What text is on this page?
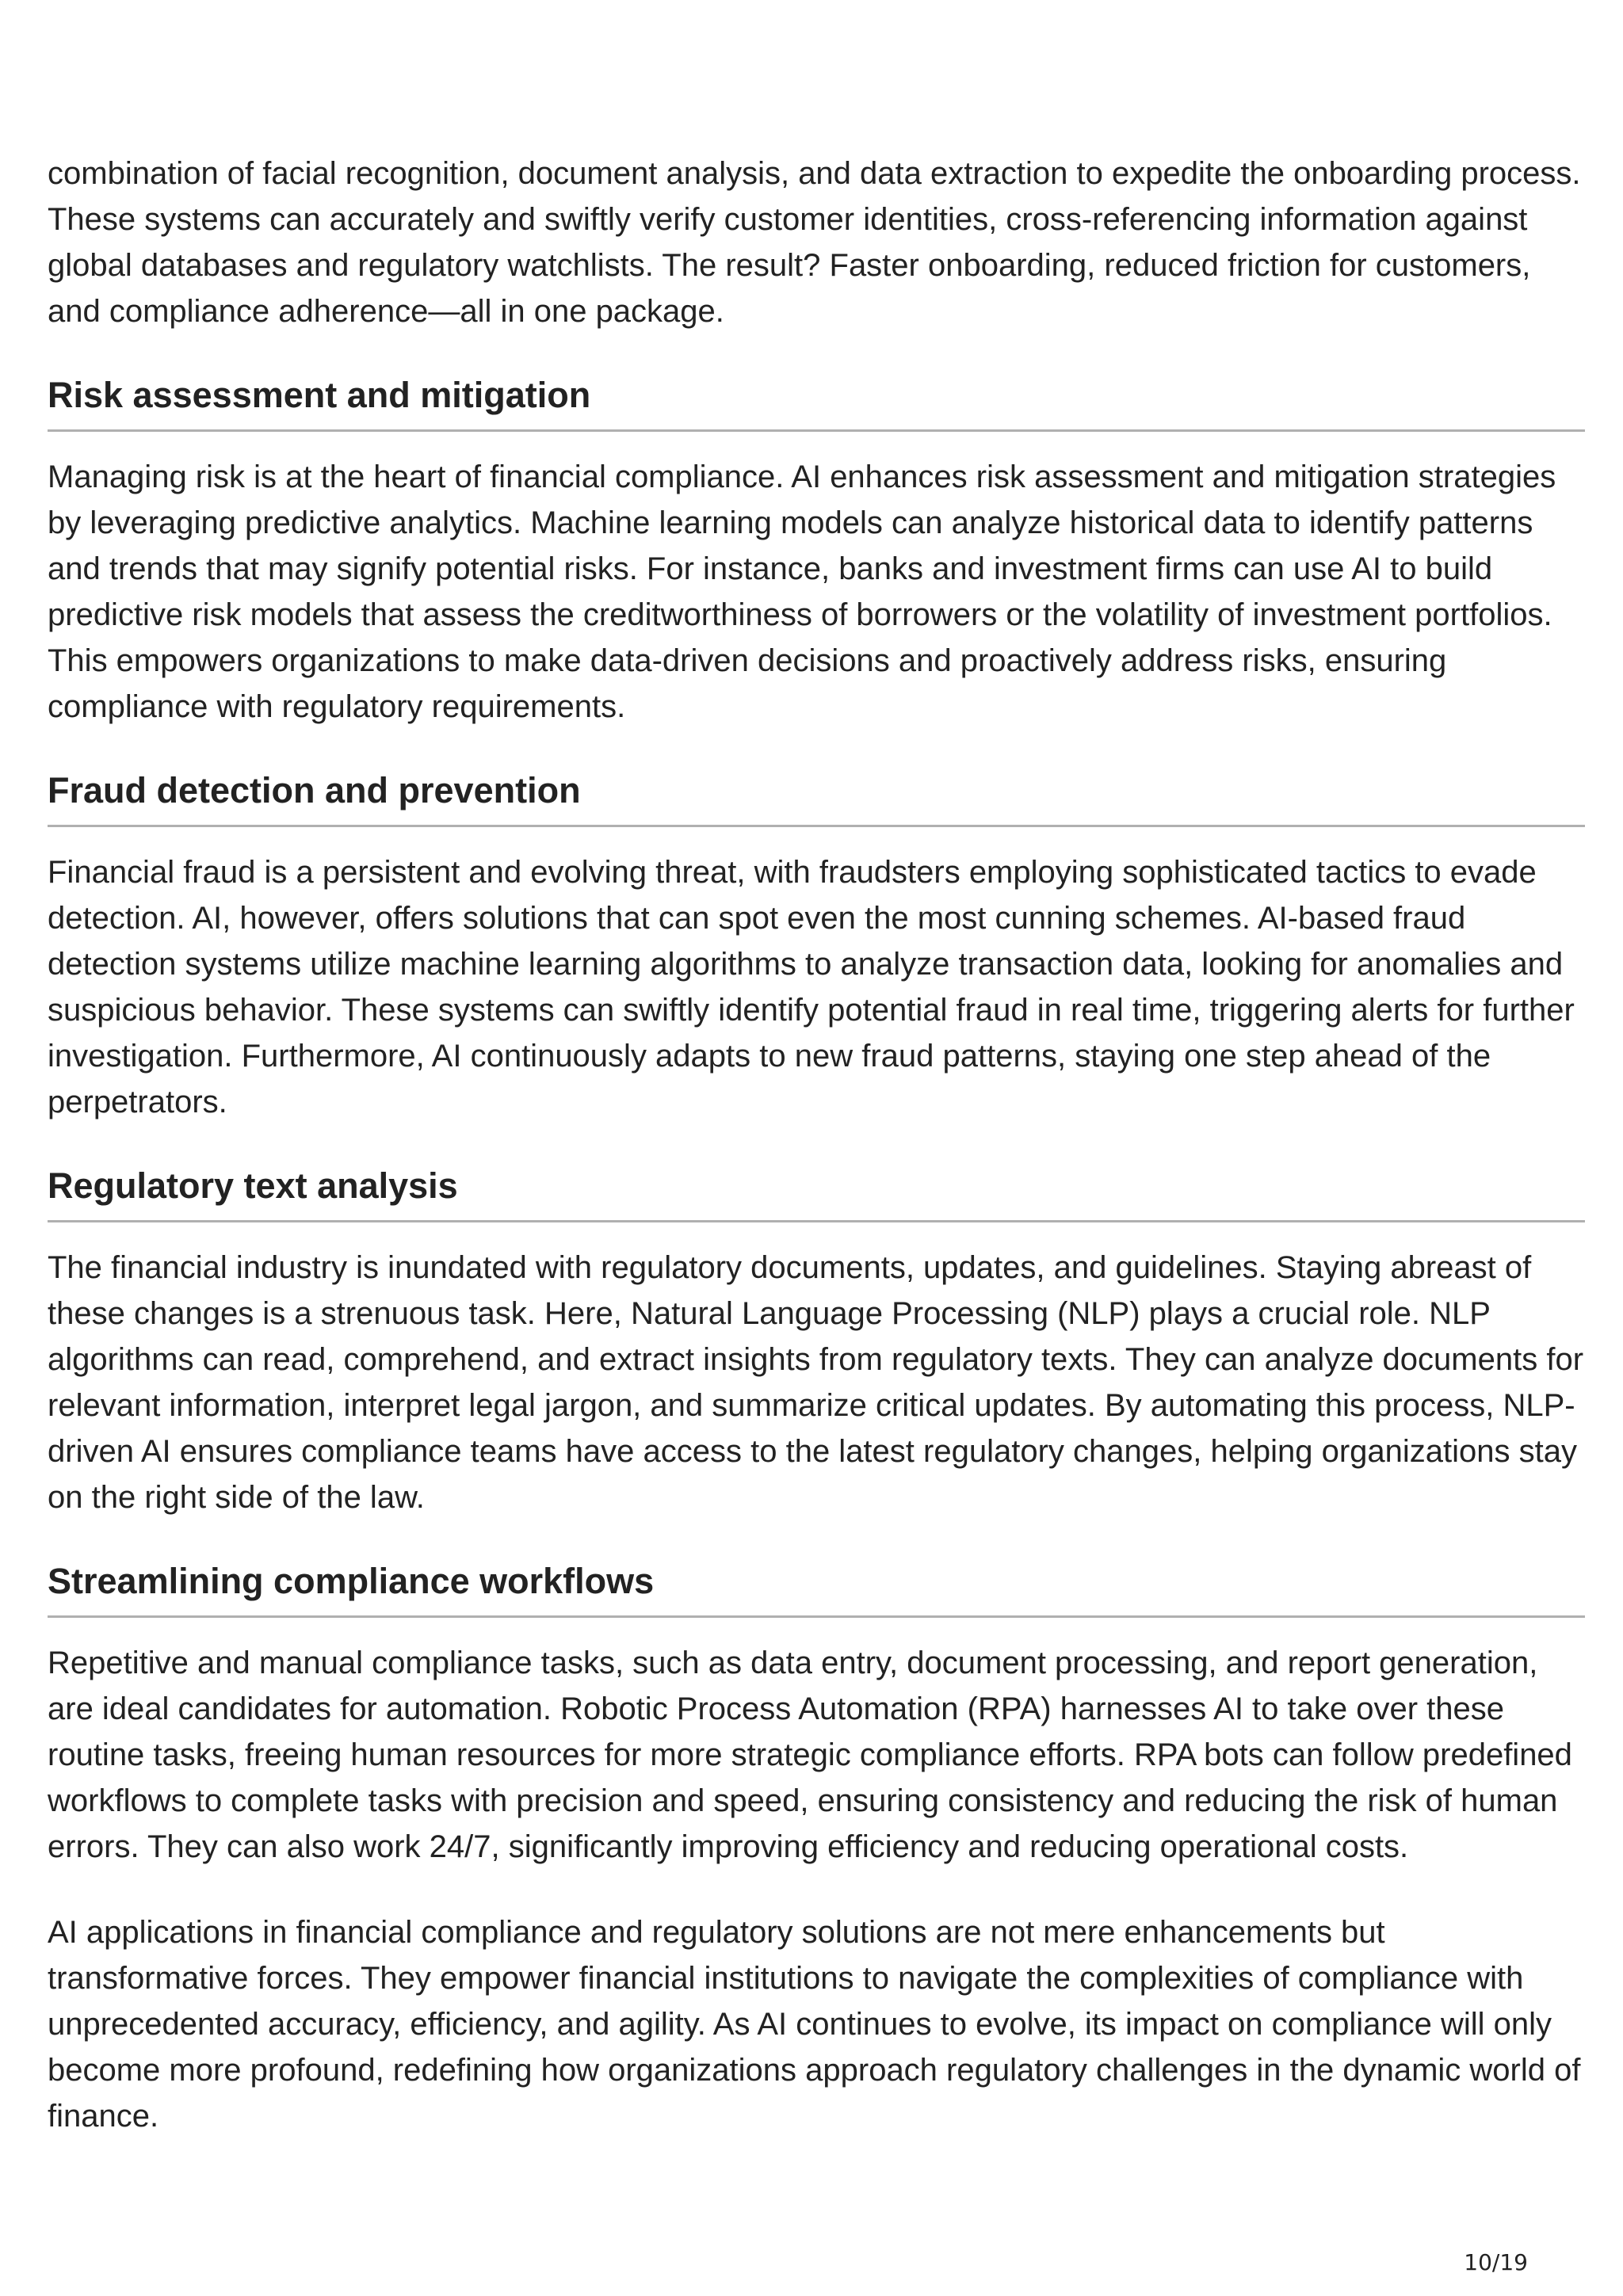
combination of facial recognition, document analysis, and data extraction to expedite the onboarding process. These systems can accurately and swiftly verify customer identities, cross-referencing information against global databases and regulatory watchlists. The result? Faster onboarding, reduced friction for customers, and compliance adherence—all in one package.

Risk assessment and mitigation

Managing risk is at the heart of financial compliance. AI enhances risk assessment and mitigation strategies by leveraging predictive analytics. Machine learning models can analyze historical data to identify patterns and trends that may signify potential risks. For instance, banks and investment firms can use AI to build predictive risk models that assess the creditworthiness of borrowers or the volatility of investment portfolios. This empowers organizations to make data-driven decisions and proactively address risks, ensuring compliance with regulatory requirements.

Fraud detection and prevention

Financial fraud is a persistent and evolving threat, with fraudsters employing sophisticated tactics to evade detection. AI, however, offers solutions that can spot even the most cunning schemes. AI-based fraud detection systems utilize machine learning algorithms to analyze transaction data, looking for anomalies and suspicious behavior. These systems can swiftly identify potential fraud in real time, triggering alerts for further investigation. Furthermore, AI continuously adapts to new fraud patterns, staying one step ahead of the perpetrators.

Regulatory text analysis

The financial industry is inundated with regulatory documents, updates, and guidelines. Staying abreast of these changes is a strenuous task. Here, Natural Language Processing (NLP) plays a crucial role. NLP algorithms can read, comprehend, and extract insights from regulatory texts. They can analyze documents for relevant information, interpret legal jargon, and summarize critical updates. By automating this process, NLP-driven AI ensures compliance teams have access to the latest regulatory changes, helping organizations stay on the right side of the law.

Streamlining compliance workflows

Repetitive and manual compliance tasks, such as data entry, document processing, and report generation, are ideal candidates for automation. Robotic Process Automation (RPA) harnesses AI to take over these routine tasks, freeing human resources for more strategic compliance efforts. RPA bots can follow predefined workflows to complete tasks with precision and speed, ensuring consistency and reducing the risk of human errors. They can also work 24/7, significantly improving efficiency and reducing operational costs.

AI applications in financial compliance and regulatory solutions are not mere enhancements but transformative forces. They empower financial institutions to navigate the complexities of compliance with unprecedented accuracy, efficiency, and agility. As AI continues to evolve, its impact on compliance will only become more profound, redefining how organizations approach regulatory challenges in the dynamic world of finance.

10/19
